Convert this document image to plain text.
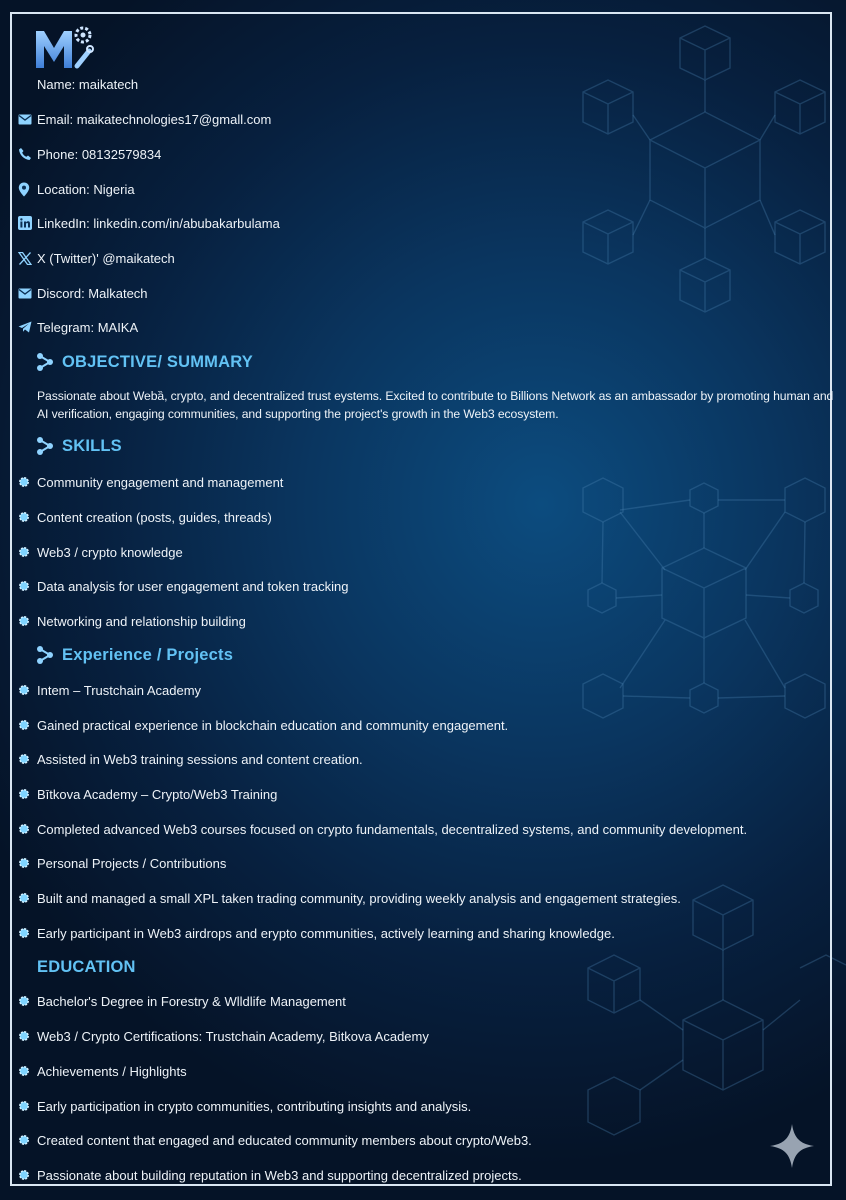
Name: maikatech
Email: maikatechnologies17@gmall.com
Phone: 08132579834
Location: Nigeria
LinkedIn: linkedin.com/in/abubakarbulama
X (Twitter)' @maikatech
Discord: Malkatech
Telegram: MAIKA
OBJECTIVE/ SUMMARY
Passionate about Webȁ, crypto, and decentralized trust eystems. Excited to contribute to Billions Network as an ambassador by promoting human and AI verification, engaging communities, and supporting the project's growth in the Web3 ecosystem.
SKILLS
Community engagement and management
Content creation (posts, guides, threads)
Web3 / crypto knowledge
Data analysis for user engagement and token tracking
Networking and relationship building
Experience / Projects
Intem – Trustchain Academy
Gained practical experience in blockchain education and community engagement.
Assisted in Web3 training sessions and content creation.
Bītkova Academy – Crypto/Web3 Training
Completed advanced Web3 courses focused on crypto fundamentals, decentralized systems, and community development.
Personal Projects / Contributions
Built and managed a small XPL taken trading community, providing weekly analysis and engagement strategies.
Early participant in Web3 airdrops and erypto communities, actively learning and sharing knowledge.
EDUCATION
Bachelor's Degree in Forestry & Wlldlife Management
Web3 / Crypto Certifications: Trustchain Academy, Bitkova Academy
Achievements / Highlights
Early participation in crypto communities, contributing insights and analysis.
Created content that engaged and educated community members about crypto/Web3.
Passionate about building reputation in Web3 and supporting decentralized projects.
